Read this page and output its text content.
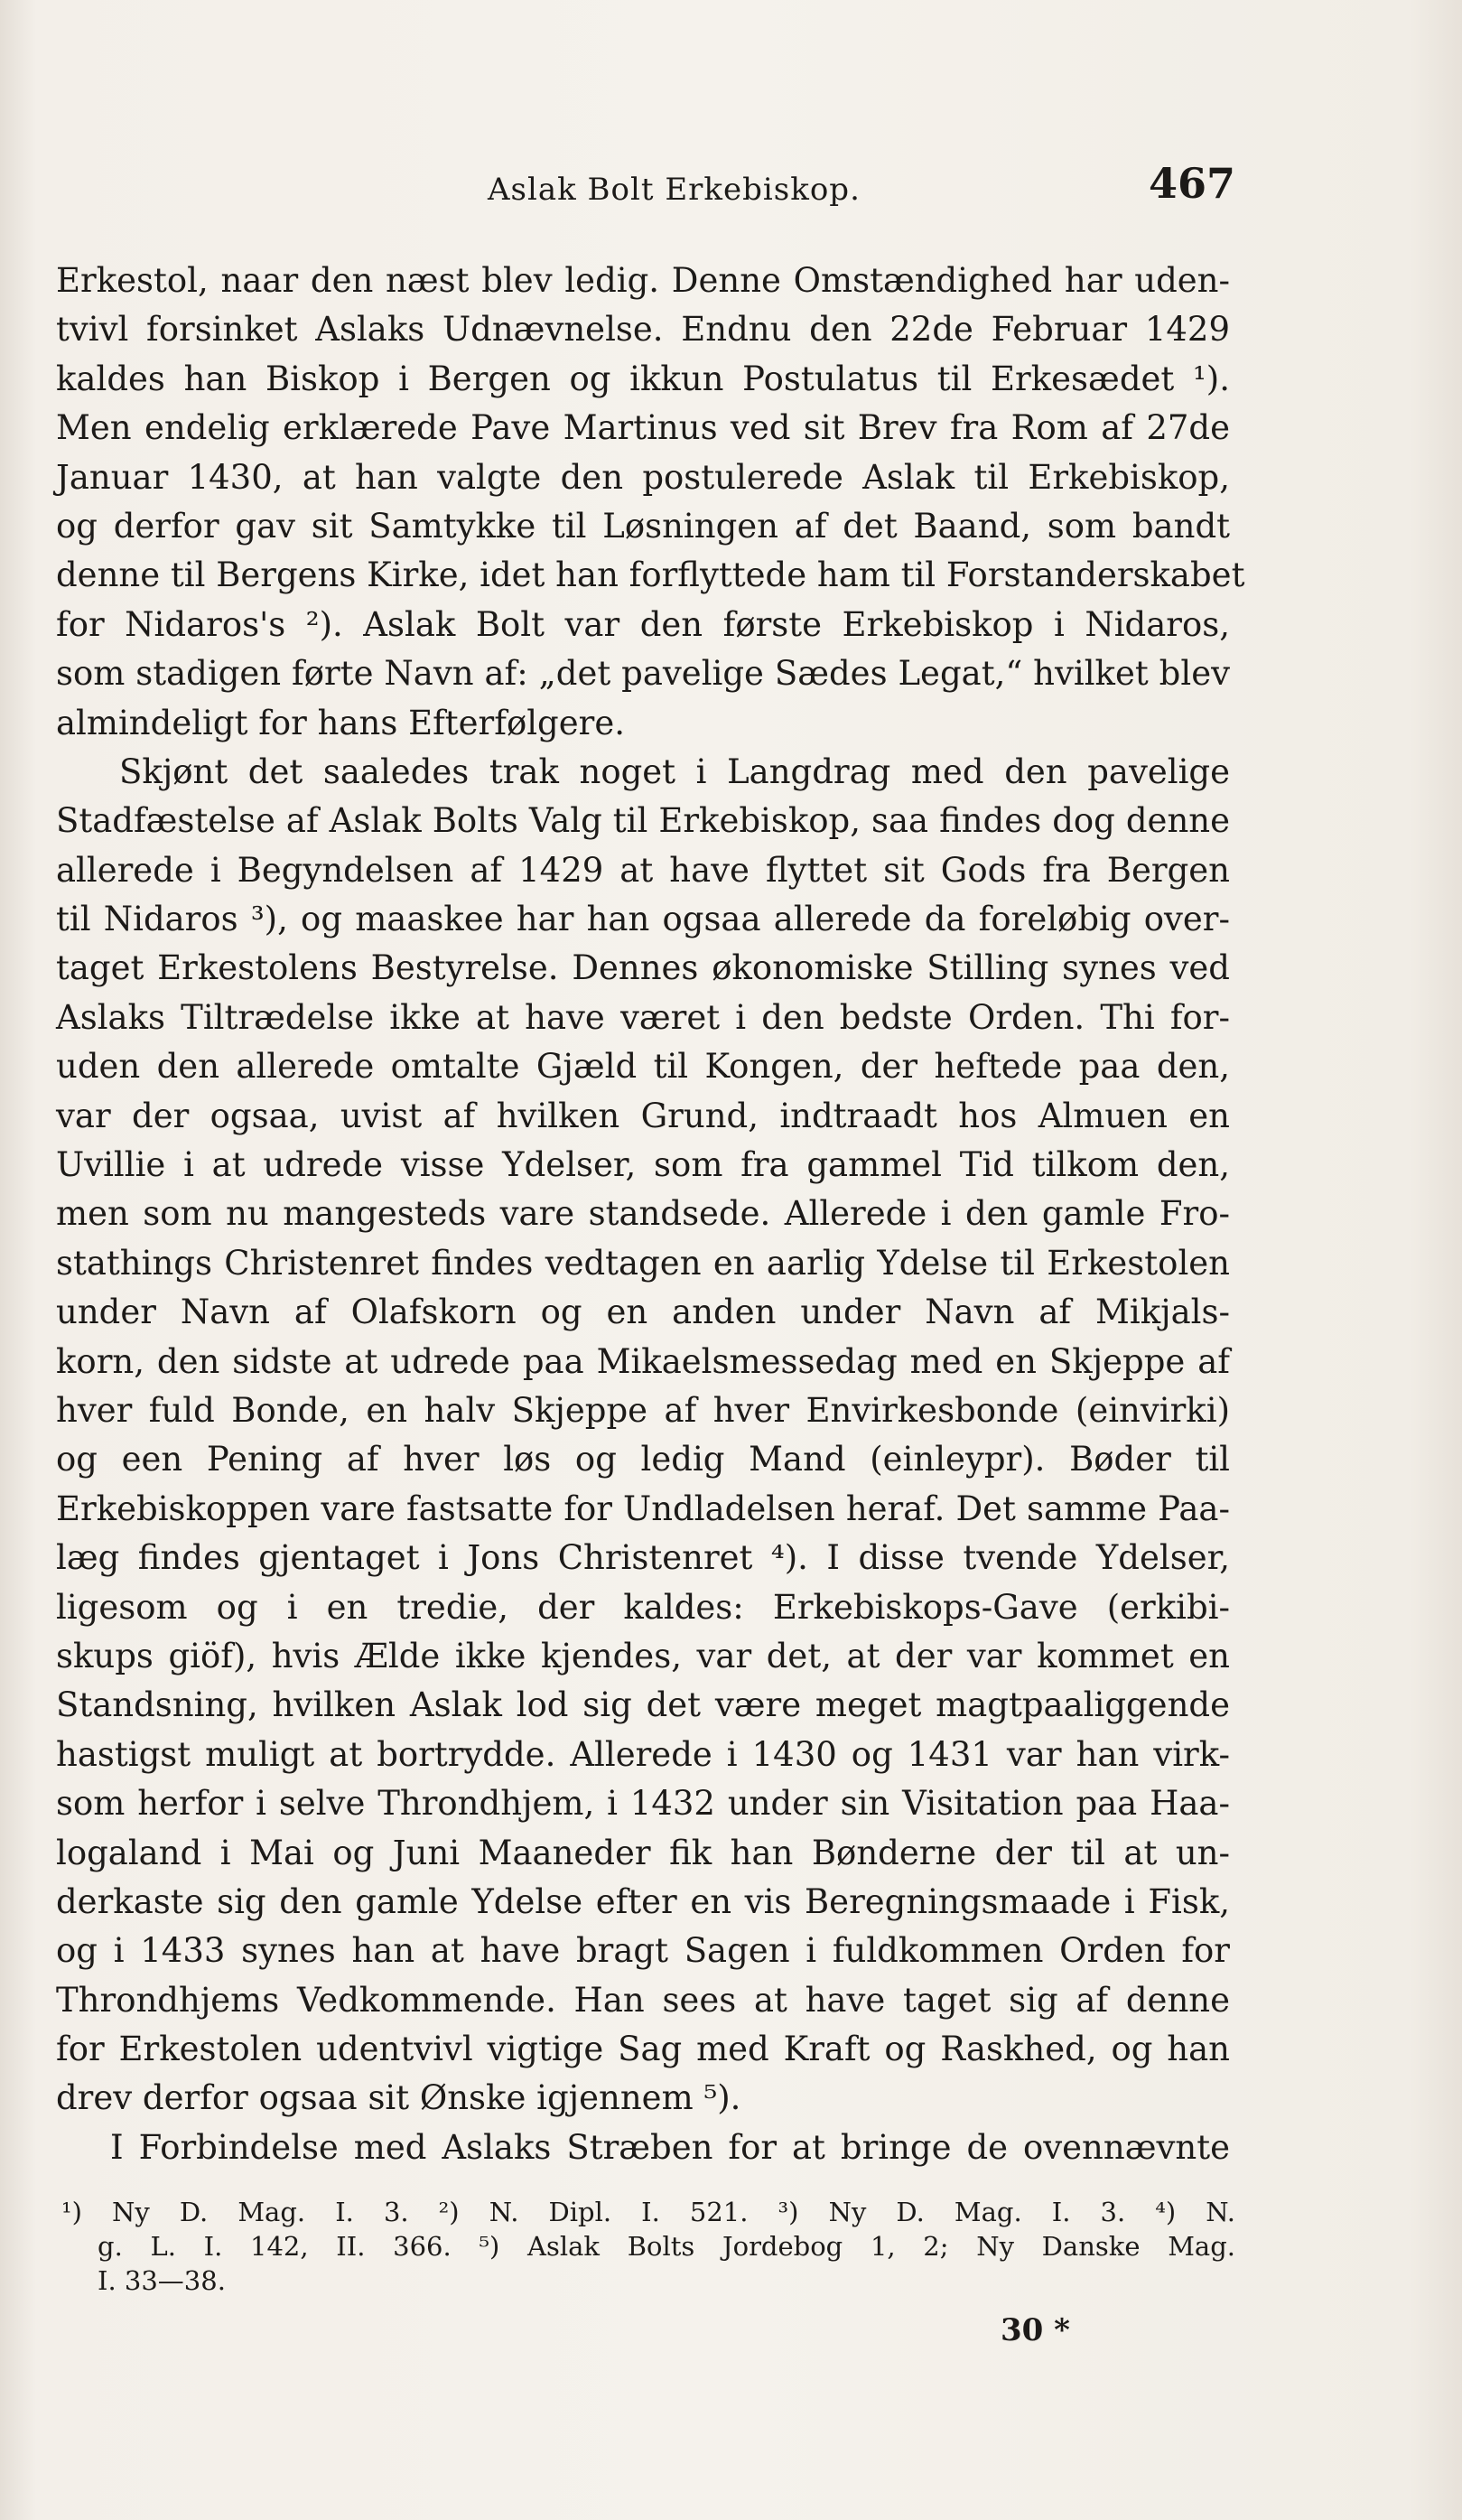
Aslak Bolt Erkebiskop.	467
Erkestol, naar den næst blev ledig. Denne Omstændighed har uden-
tvivl forsinket Aslaks Udnævnelse. Endnu den 22de Februar 1429
kaldes han Biskop i Bergen og ikkun Postulatus til Erkesædet ¹).
Men endelig erklærede Pave Martinus ved sit Brev fra Rom af 27de
Januar 1430, at han valgte den postulerede Aslak til Erkebiskop,
og derfor gav sit Samtykke til Løsningen af det Baand, som bandt
denne til Bergens Kirke, idet han forflyttede ham til Forstanderskabet
for Nidaros's ²). Aslak Bolt var den første Erkebiskop i Nidaros,
som stadigen førte Navn af: „det pavelige Sædes Legat,“ hvilket blev
almindeligt for hans Efterfølgere.
Skjønt det saaledes trak noget i Langdrag med den pavelige
Stadfæstelse af Aslak Bolts Valg til Erkebiskop, saa findes dog denne
allerede i Begyndelsen af 1429 at have flyttet sit Gods fra Bergen
til Nidaros ³), og maaskee har han ogsaa allerede da foreløbig over-
taget Erkestolens Bestyrelse. Dennes økonomiske Stilling synes ved
Aslaks Tiltrædelse ikke at have været i den bedste Orden. Thi for-
uden den allerede omtalte Gjæld til Kongen, der heftede paa den,
var der ogsaa, uvist af hvilken Grund, indtraadt hos Almuen en
Uvillie i at udrede visse Ydelser, som fra gammel Tid tilkom den,
men som nu mangesteds vare standsede. Allerede i den gamle Fro-
stathings Christenret findes vedtagen en aarlig Ydelse til Erkestolen
under Navn af Olafskorn og en anden under Navn af Mikjals-
korn, den sidste at udrede paa Mikaelsmessedag med en Skjeppe af
hver fuld Bonde, en halv Skjeppe af hver Envirkesbonde (einvirki)
og een Pening af hver løs og ledig Mand (einleypr). Bøder til
Erkebiskoppen vare fastsatte for Undladelsen heraf. Det samme Paa-
læg findes gjentaget i Jons Christenret ⁴). I disse tvende Ydelser,
ligesom og i en tredie, der kaldes: Erkebiskops-Gave (erkibi-
skups giöf), hvis Ælde ikke kjendes, var det, at der var kommet en
Standsning, hvilken Aslak lod sig det være meget magtpaaliggende
hastigst muligt at bortrydde. Allerede i 1430 og 1431 var han virk-
som herfor i selve Throndhjem, i 1432 under sin Visitation paa Haa-
logaland i Mai og Juni Maaneder fik han Bønderne der til at un-
derkaste sig den gamle Ydelse efter en vis Beregningsmaade i Fisk,
og i 1433 synes han at have bragt Sagen i fuldkommen Orden for
Throndhjems Vedkommende. Han sees at have taget sig af denne
for Erkestolen udentvivl vigtige Sag med Kraft og Raskhed, og han
drev derfor ogsaa sit Ønske igjennem ⁵).
I Forbindelse med Aslaks Stræben for at bringe de ovennævnte
¹) Ny D. Mag. I. 3. ²) N. Dipl. I. 521. ³) Ny D. Mag. I. 3. ⁴) N.
g. L. I. 142, II. 366. ⁵) Aslak Bolts Jordebog 1, 2; Ny Danske Mag.
I. 33—38.
30 *
